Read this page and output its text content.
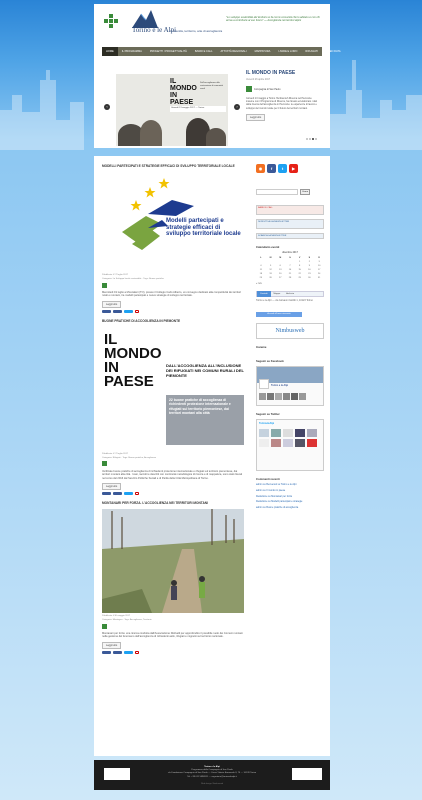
Torino e le Alpi
Comunità, territorio, arte di accoglienza
"Lo sviluppo sostenibile del territorio si fa con le comunità che lo abitano e con chi arriva a contribuire al suo futuro" — Accoglienza nei territori alpini
HOME	IL PROGRAMMA	PROGETTI / PROGETTUALITÀ	BANDI E CALL	ATTIVITÀ REGIONALI	MAPPATURA	I ANDE E LORO	RIFUGIATI	OPEN DATA
‹
IL MONDO IN PAESE
Dall'accoglienza alla costruzione di comunità rurali
Giovedì 13 maggio 2017 — Torino	›
IL MONDO IN PAESE
Venerdì 26 aprile 2017
Compagnia di San Paolo

Giovedì 13 maggio a Torino l'Ambienteh Ricerca nel Piemonte insieme con il Programma di Ricerca, ha rilevato ed elaborato i dati della ricerca dell'accoglienza in Piemonte: le esperienze di lavoro e sviluppo del mondo rurale per il futuro dei territori montani.

Leggi tutto
MODELLI PARTECIPATI E STRATEGIE EFFICACI DI SVILUPPO TERRITORIALE LOCALE
Modelli partecipati e strategie efficaci di sviluppo territoriale locale
Pubblicato il 17 luglio 2017
Categoria: Lo Sviluppo locale sostenibile · Tags: Buone pratiche

Mercoledì 19 luglio a Moncalieri (TO), presso il Collegio Carlo Alberto, un convegno dedicato alla competitività dei territori rurali e montani, tra modelli partecipati e nuove strategie di sviluppo territoriale.

Leggi tutto
BUONE PRATICHE DI ACCOGLIENZA IN PIEMONTE
IL MONDO IN PAESE
DALL'ACCOGLIENZA ALL'INCLUSIONE DEI RIFUGIATI NEI COMUNI RURALI DEL PIEMONTE
22 buone pratiche di accoglienza di richiedenti protezione internazionale e rifugiati sul territorio piemontese, dai territori montani alla città
Pubblicato il 17 luglio 2017
Categoria: Rifugiati · Tags: Buone pratiche, Accoglienza

Verificate buone pratiche di accoglienza di richiedenti protezione internazionale e rifugiati sul territorio piemontese, dai territori montani alla città. I casi, raccolti e descritti con continuità metodologica di ricerca e di mappatura, sono stati rilevati nel corso del 2016 dal Servizio Politiche Sociali e di Parità della Città Metropolitana di Torino.

Leggi tutto
MONTANARI PER FORZA. L'ACCOGLIENZA NEI TERRITORI MONTANI
Pubblicato il 30 maggio 2017
Categoria: Montagna · Tags: Accoglienza, Territorio

Montanari per forza: una ricerca condotta dall'Associazione Dislivelli per approfondire il possibile ruolo dei Comuni montani nella gestione del fenomeno dell'accoglienza di richiedenti asilo, rifugiati e migranti sul territorio nazionale.

Leggi tutto
◉	f	t	▶
Cerca
BANDI E CALL
ISCRIVITI ALLA NEWSLETTER
SCARICA LA NEWSLETTER
Calendario eventi
dicembre 2017
L	M	M	G	V	S	D
				1	2	3
4	5	6	7	8	9	10
11	12	13	14	15	16	17
18	19	20	21	22	23	24
25	26	27	28	29	30	31
« nov
Contatti	Mappa	Archivio
Torino e le Alpi — via Giovanni Giolitti 1, 10123 Torino
Accedi all'area riservata
Nimbusweb
Insieme
Seguici su Facebook
Torino e le Alpi
Seguici su Twitter
TorinoeleAlpi
Commenti recenti
admin su Benvenuti su Torino e le Alpi
admin su Il mondo in paese
Redazione su Montanari per forza
Redazione su Modelli partecipati e strategie
admin su Buone pratiche di accoglienza
Torino e le Alpi
Programma della Compagnia di San Paolo
c/o Fondazione Compagnia di San Paolo — Corso Vittorio Emanuele II, 75 — 10128 Torino
Tel. +39 011 5596911 — segreteria@torinoelealpi.it
Web design: Nimbusweb
